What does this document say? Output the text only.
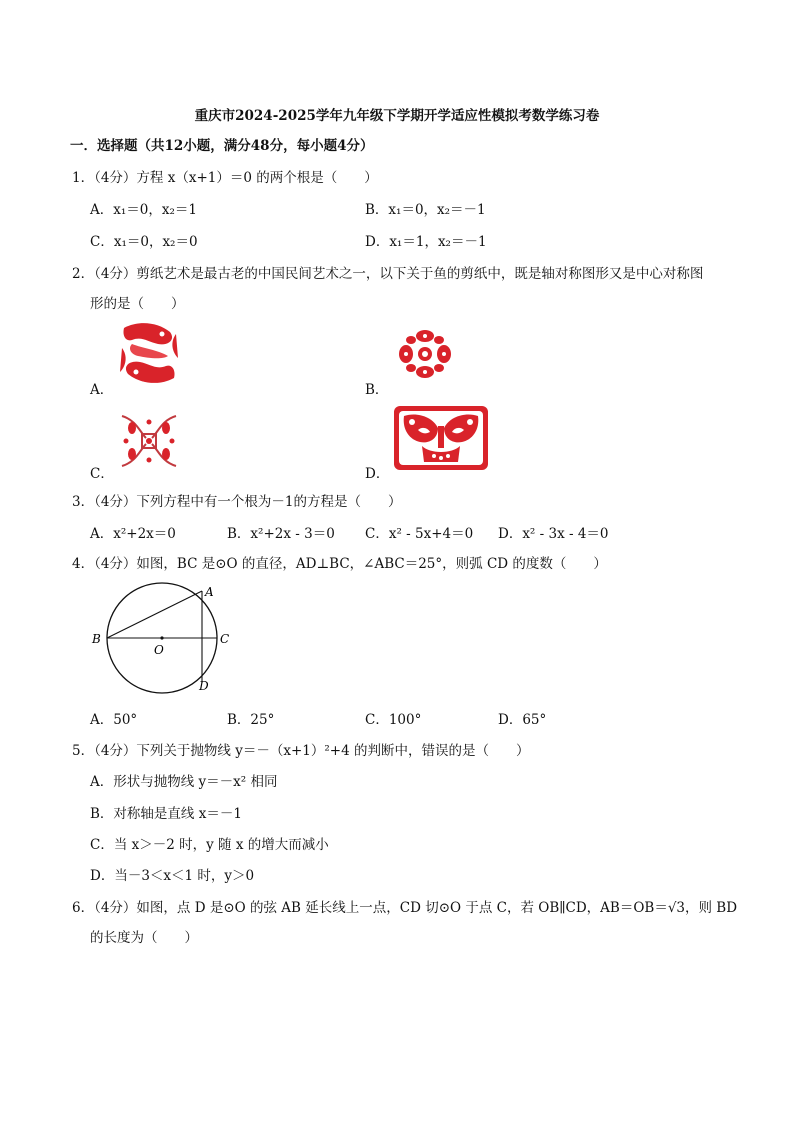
重庆市2024-2025学年九年级下学期开学适应性模拟考数学练习卷
一．选择题（共12小题，满分48分，每小题4分）
1．（4分）方程 x（x+1）＝0 的两个根是（　　）
A．x₁＝0，x₂＝1	B．x₁＝0，x₂＝－1
C．x₁＝0，x₂＝0	D．x₁＝1，x₂＝－1
2．（4分）剪纸艺术是最古老的中国民间艺术之一，以下关于鱼的剪纸中，既是轴对称图形又是中心对称图
形的是（　　）
A．	B．
C．	D．
3．（4分）下列方程中有一个根为－1的方程是（　　）
A．x²+2x＝0	B．x²+2x - 3＝0 C．x² - 5x+4＝0 D．x² - 3x - 4＝0
4．（4分）如图，BC 是⊙O 的直径，AD⊥BC，∠ABC＝25°，则弧 CD 的度数（　　）
A
B	C
D
O
A．50°	B．25°	C．100°	D．65°
5．（4分）下列关于抛物线 y＝－（x+1）²+4 的判断中，错误的是（　　）
A．形状与抛物线 y＝－x² 相同
B．对称轴是直线 x＝－1
C．当 x＞－2 时，y 随 x 的增大而减小
D．当－3＜x＜1 时，y＞0
6．（4分）如图，点 D 是⊙O 的弦 AB 延长线上一点，CD 切⊙O 于点 C，若 OB∥CD，AB＝OB＝√3，则 BD
的长度为（　　）
